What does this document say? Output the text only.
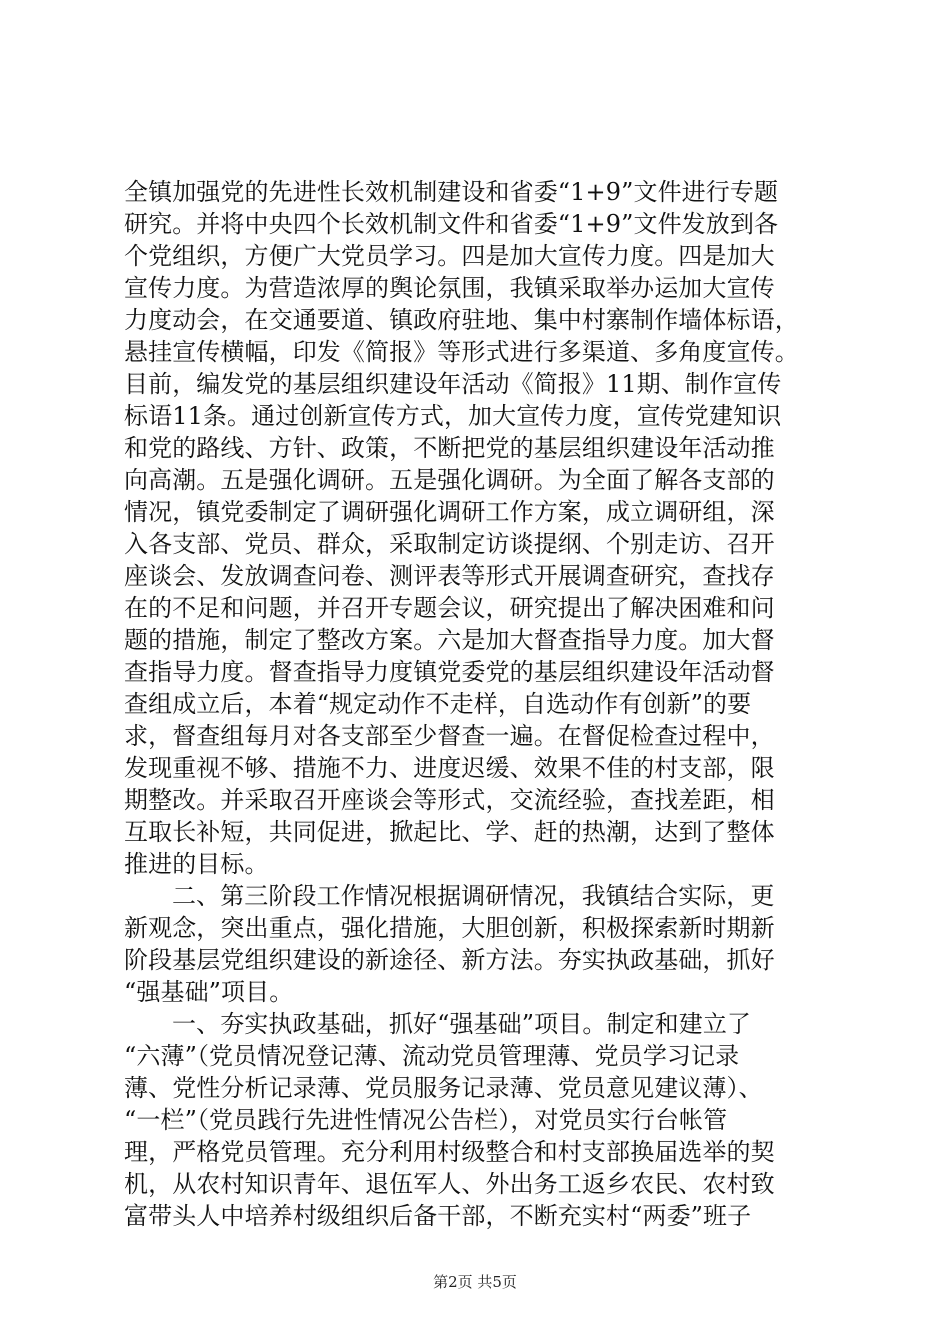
全镇加强党的先进性长效机制建设和省委“1+9”文件进行专题
研究。并将中央四个长效机制文件和省委“1+9”文件发放到各
个党组织，方便广大党员学习。四是加大宣传力度。四是加大
宣传力度。为营造浓厚的舆论氛围，我镇采取举办运加大宣传
力度动会，在交通要道、镇政府驻地、集中村寨制作墙体标语，
悬挂宣传横幅，印发《简报》等形式进行多渠道、多角度宣传。
目前，编发党的基层组织建设年活动《简报》11期、制作宣传
标语11条。通过创新宣传方式，加大宣传力度，宣传党建知识
和党的路线、方针、政策，不断把党的基层组织建设年活动推
向高潮。五是强化调研。五是强化调研。为全面了解各支部的
情况，镇党委制定了调研强化调研工作方案，成立调研组，深
入各支部、党员、群众，采取制定访谈提纲、个别走访、召开
座谈会、发放调查问卷、测评表等形式开展调查研究，查找存
在的不足和问题，并召开专题会议，研究提出了解决困难和问
题的措施，制定了整改方案。六是加大督查指导力度。加大督
查指导力度。督查指导力度镇党委党的基层组织建设年活动督
查组成立后，本着“规定动作不走样，自选动作有创新”的要
求，督查组每月对各支部至少督查一遍。在督促检查过程中，
发现重视不够、措施不力、进度迟缓、效果不佳的村支部，限
期整改。并采取召开座谈会等形式，交流经验，查找差距，相
互取长补短，共同促进，掀起比、学、赶的热潮，达到了整体
推进的目标。
二、第三阶段工作情况根据调研情况，我镇结合实际，更
新观念，突出重点，强化措施，大胆创新，积极探索新时期新
阶段基层党组织建设的新途径、新方法。夯实执政基础，抓好
“强基础”项目。
一、夯实执政基础，抓好“强基础”项目。制定和建立了
“六薄”（党员情况登记薄、流动党员管理薄、党员学习记录
薄、党性分析记录薄、党员服务记录薄、党员意见建议薄）、
“一栏”（党员践行先进性情况公告栏），对党员实行台帐管
理，严格党员管理。充分利用村级整合和村支部换届选举的契
机，从农村知识青年、退伍军人、外出务工返乡农民、农村致
富带头人中培养村级组织后备干部，不断充实村“两委”班子
第2页 共5页
